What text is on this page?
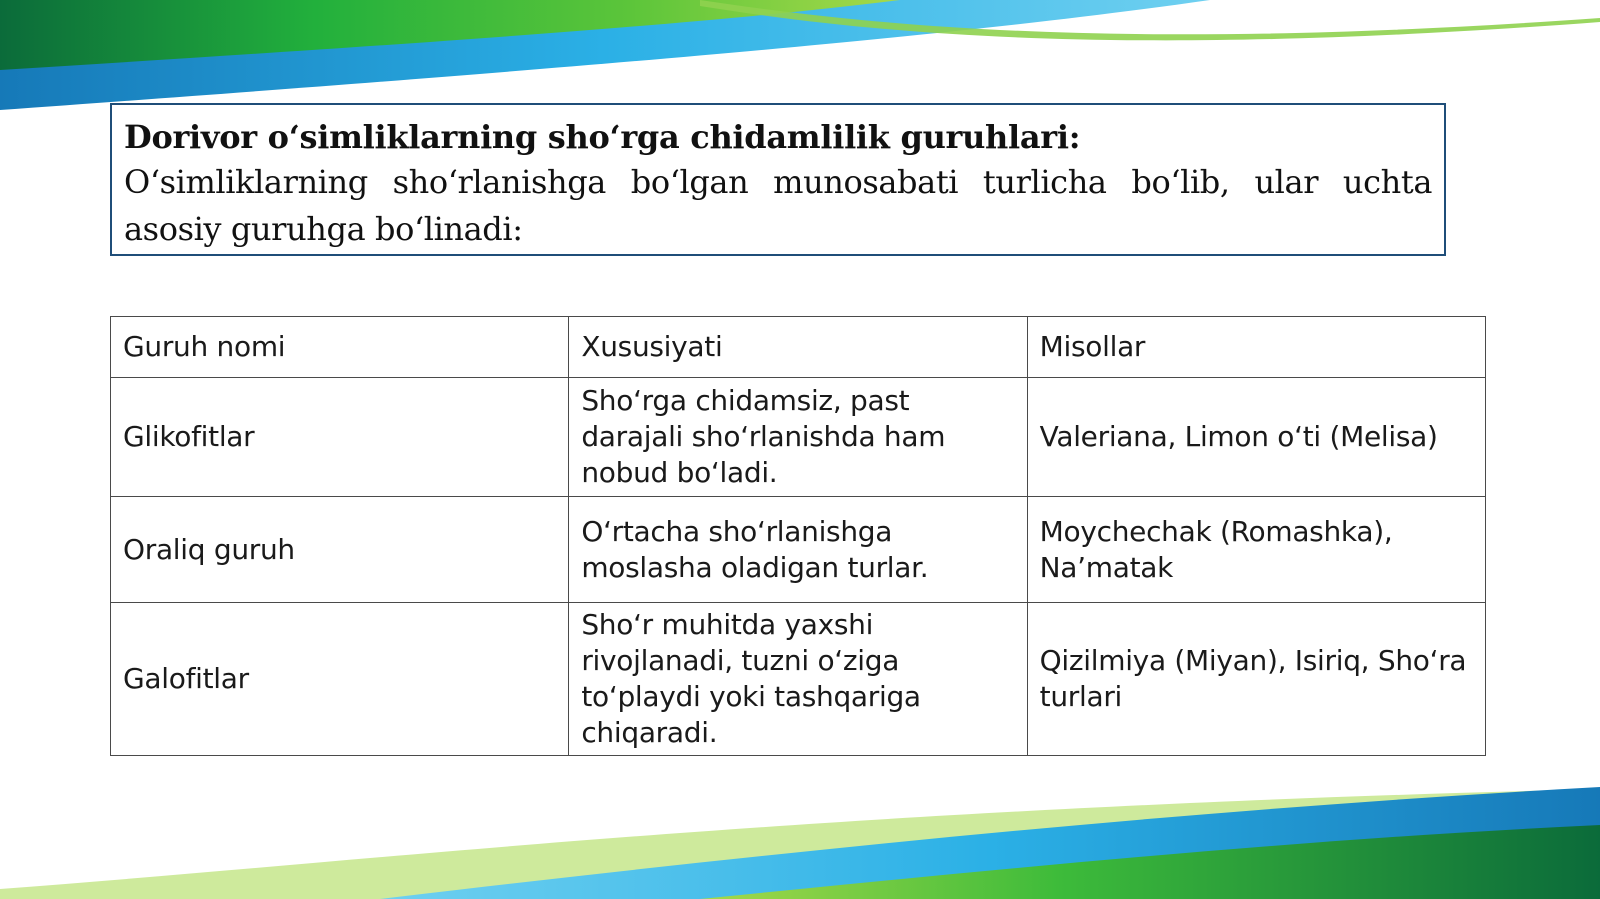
Dorivor o‘simliklarning sho‘rga chidamlilik guruhlari:
O‘simliklarning sho‘rlanishga bo‘lgan munosabati turlicha bo‘lib, ular uchta asosiy guruhga bo‘linadi:
Guruh nomi	Xususiyati	Misollar
Glikofitlar	Sho‘rga chidamsiz, past darajali sho‘rlanishda ham nobud bo‘ladi.	Valeriana, Limon o‘ti (Melisa)
Oraliq guruh	O‘rtacha sho‘rlanishga moslasha oladigan turlar.	Moychechak (Romashka), Na’matak
Galofitlar	Sho‘r muhitda yaxshi rivojlanadi, tuzni o‘ziga to‘playdi yoki tashqariga chiqaradi.	Qizilmiya (Miyan), Isiriq, Sho‘ra turlari
